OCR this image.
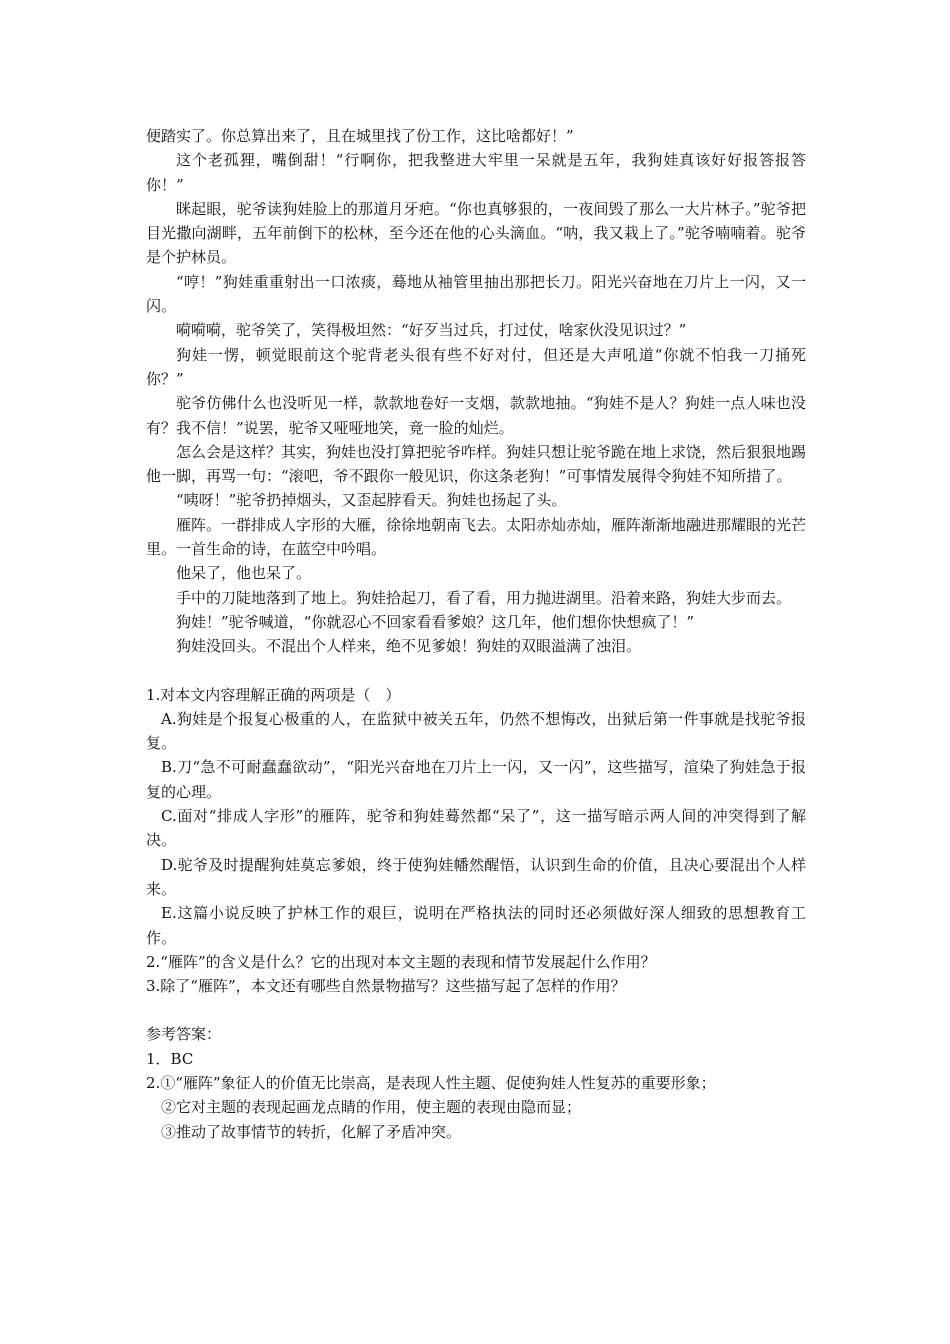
便踏实了。你总算出来了，且在城里找了份工作，这比啥都好！”

这个老孤狸，嘴倒甜！“行啊你，把我整进大牢里一呆就是五年，我狗娃真该好好报答报答你！”

眯起眼，驼爷读狗娃脸上的那道月牙疤。“你也真够狠的，一夜间毁了那么一大片林子。”驼爷把目光撒向湖畔，五年前倒下的松林，至今还在他的心头滴血。“呐，我又栽上了。”驼爷喃喃着。驼爷是个护林员。

“哼！”狗娃重重射出一口浓痰，蓦地从袖管里抽出那把长刀。阳光兴奋地在刀片上一闪，又一闪。

嗬嗬嗬，驼爷笑了，笑得极坦然：“好歹当过兵，打过仗，啥家伙没见识过？”

狗娃一愣，顿觉眼前这个驼背老头很有些不好对付，但还是大声吼道“你就不怕我一刀捅死你？”

驼爷仿佛什么也没听见一样，款款地卷好一支烟，款款地抽。“狗娃不是人？狗娃一点人味也没有？我不信！”说罢，驼爷又哑哑地笑，竟一脸的灿烂。

怎么会是这样？其实，狗娃也没打算把驼爷咋样。狗娃只想让驼爷跪在地上求饶，然后狠狠地踢他一脚，再骂一句：“滚吧，爷不跟你一般见识，你这条老狗！”可事情发展得令狗娃不知所措了。

“咦呀！”驼爷扔掉烟头，又歪起脖看天。狗娃也扬起了头。

雁阵。一群排成人字形的大雁，徐徐地朝南飞去。太阳赤灿赤灿，雁阵渐渐地融进那耀眼的光芒里。一首生命的诗，在蓝空中吟唱。

他呆了，他也呆了。

手中的刀陡地落到了地上。狗娃拾起刀，看了看，用力抛进湖里。沿着来路，狗娃大步而去。

狗娃！”驼爷喊道，“你就忍心不回家看看爹娘？这几年，他们想你快想疯了！”

狗娃没回头。不混出个人样来，绝不见爹娘！狗娃的双眼溢满了浊泪。

1.对本文内容理解正确的两项是（　）

A.狗娃是个报复心极重的人，在监狱中被关五年，仍然不想悔改，出狱后第一件事就是找驼爷报复。

B.刀“急不可耐蠢蠢欲动”，“阳光兴奋地在刀片上一闪，又一闪”，这些描写，渲染了狗娃急于报复的心理。

C.面对“排成人字形”的雁阵，驼爷和狗娃蓦然都“呆了”，这一描写暗示两人间的冲突得到了解决。

D.驼爷及时提醒狗娃莫忘爹娘，终于使狗娃幡然醒悟，认识到生命的价值，且决心要混出个人样来。

E.这篇小说反映了护林工作的艰巨，说明在严格执法的同时还必须做好深人细致的思想教育工作。

2.“雁阵”的含义是什么？它的出现对本文主题的表现和情节发展起什么作用？

3.除了“雁阵”，本文还有哪些自然景物描写？这些描写起了怎样的作用？

参考答案：

1．BC

2.①“雁阵”象征人的价值无比崇高，是表现人性主题、促使狗娃人性复苏的重要形象；

②它对主题的表现起画龙点睛的作用，使主题的表现由隐而显；

③推动了故事情节的转折，化解了矛盾冲突。
